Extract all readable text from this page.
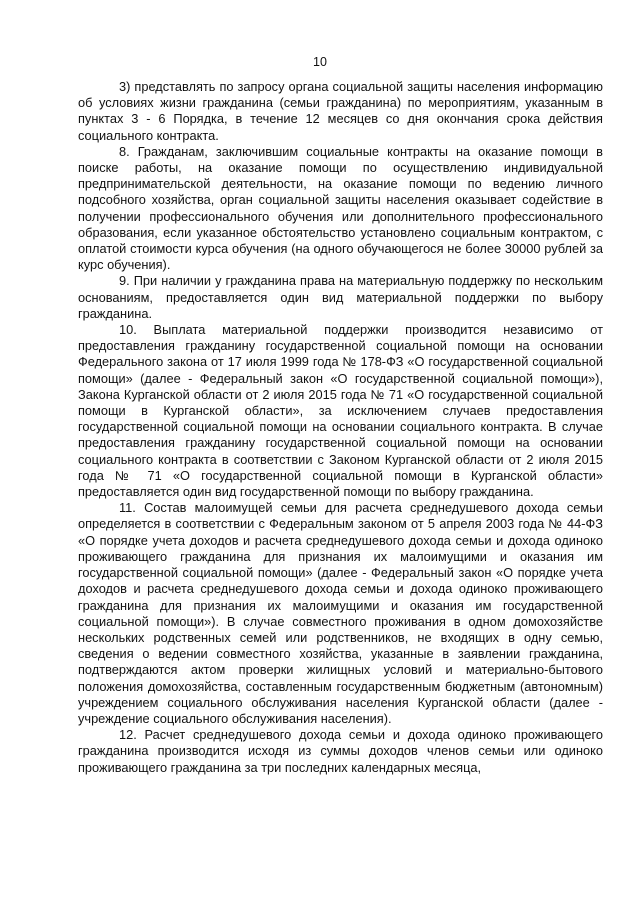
10

3) представлять по запросу органа социальной защиты населения информацию об условиях жизни гражданина (семьи гражданина) по мероприятиям, указанным в пунктах 3 - 6 Порядка, в течение 12 месяцев со дня окончания срока действия социального контракта.

8. Гражданам, заключившим социальные контракты на оказание помощи в поиске работы, на оказание помощи по осуществлению индивидуальной предпринимательской деятельности, на оказание помощи по ведению личного подсобного хозяйства, орган социальной защиты населения оказывает содействие в получении профессионального обучения или дополнительного профессионального образования, если указанное обстоятельство установлено социальным контрактом, с оплатой стоимости курса обучения (на одного обучающегося не более 30000 рублей за курс обучения).

9. При наличии у гражданина права на материальную поддержку по нескольким основаниям, предоставляется один вид материальной поддержки по выбору гражданина.

10. Выплата материальной поддержки производится независимо от предоставления гражданину государственной социальной помощи на основании Федерального закона от 17 июля 1999 года № 178-ФЗ «О государственной социальной помощи» (далее - Федеральный закон «О государственной социальной помощи»), Закона Курганской области от 2 июля 2015 года № 71 «О государственной социальной помощи в Курганской области», за исключением случаев предоставления государственной социальной помощи на основании социального контракта. В случае предоставления гражданину государственной социальной помощи на основании социального контракта в соответствии с Законом Курганской области от 2 июля 2015 года № 71 «О государственной социальной помощи в Курганской области» предоставляется один вид государственной помощи по выбору гражданина.

11. Состав малоимущей семьи для расчета среднедушевого дохода семьи определяется в соответствии с Федеральным законом от 5 апреля 2003 года № 44-ФЗ «О порядке учета доходов и расчета среднедушевого дохода семьи и дохода одиноко проживающего гражданина для признания их малоимущими и оказания им государственной социальной помощи» (далее - Федеральный закон «О порядке учета доходов и расчета среднедушевого дохода семьи и дохода одиноко проживающего гражданина для признания их малоимущими и оказания им государственной социальной помощи»). В случае совместного проживания в одном домохозяйстве нескольких родственных семей или родственников, не входящих в одну семью, сведения о ведении совместного хозяйства, указанные в заявлении гражданина, подтверждаются актом проверки жилищных условий и материально-бытового положения домохозяйства, составленным государственным бюджетным (автономным) учреждением социального обслуживания населения Курганской области (далее - учреждение социального обслуживания населения).

12. Расчет среднедушевого дохода семьи и дохода одиноко проживающего гражданина производится исходя из суммы доходов членов семьи или одиноко проживающего гражданина за три последних календарных месяца,
